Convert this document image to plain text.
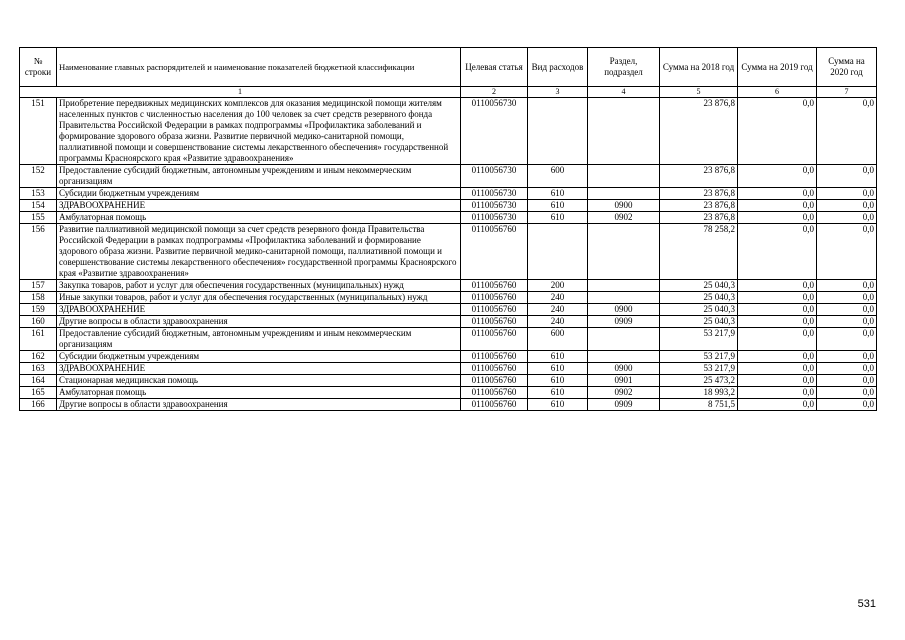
№ строки	Наименование главных распорядителей и наименование показателей бюджетной классификации	Целевая статья	Вид расходов	Раздел, подраздел	Сумма на 2018 год	Сумма на 2019 год	Сумма на 2020 год
1		2	3	4	5	6	7
151	Приобретение передвижных медицинских комплексов для оказания медицинской помощи жителям населенных пунктов с численностью населения до 100 человек за счет средств резервного фонда Правительства Российской Федерации в рамках подпрограммы «Профилактика заболеваний и формирование здорового образа жизни. Развитие первичной медико-санитарной помощи, паллиативной помощи и совершенствование системы лекарственного обеспечения» государственной программы Красноярского края «Развитие здравоохранения»	0110056730			23 876,8	0,0	0,0
152	Предоставление субсидий бюджетным, автономным учреждениям и иным некоммерческим организациям	0110056730	600		23 876,8	0,0	0,0
153	Субсидии бюджетным учреждениям	0110056730	610		23 876,8	0,0	0,0
154	ЗДРАВООХРАНЕНИЕ	0110056730	610	0900	23 876,8	0,0	0,0
155	Амбулаторная помощь	0110056730	610	0902	23 876,8	0,0	0,0
156	Развитие паллиативной медицинской помощи за счет средств резервного фонда Правительства Российской Федерации в рамках подпрограммы «Профилактика заболеваний и формирование здорового образа жизни. Развитие первичной медико-санитарной помощи, паллиативной помощи и совершенствование системы лекарственного обеспечения» государственной программы Красноярского края «Развитие здравоохранения»	0110056760			78 258,2	0,0	0,0
157	Закупка товаров, работ и услуг для обеспечения государственных (муниципальных) нужд	0110056760	200		25 040,3	0,0	0,0
158	Иные закупки товаров, работ и услуг для обеспечения государственных (муниципальных) нужд	0110056760	240		25 040,3	0,0	0,0
159	ЗДРАВООХРАНЕНИЕ	0110056760	240	0900	25 040,3	0,0	0,0
160	Другие вопросы в области здравоохранения	0110056760	240	0909	25 040,3	0,0	0,0
161	Предоставление субсидий бюджетным, автономным учреждениям и иным некоммерческим организациям	0110056760	600		53 217,9	0,0	0,0
162	Субсидии бюджетным учреждениям	0110056760	610		53 217,9	0,0	0,0
163	ЗДРАВООХРАНЕНИЕ	0110056760	610	0900	53 217,9	0,0	0,0
164	Стационарная медицинская помощь	0110056760	610	0901	25 473,2	0,0	0,0
165	Амбулаторная помощь	0110056760	610	0902	18 993,2	0,0	0,0
166	Другие вопросы в области здравоохранения	0110056760	610	0909	8 751,5	0,0	0,0
531
